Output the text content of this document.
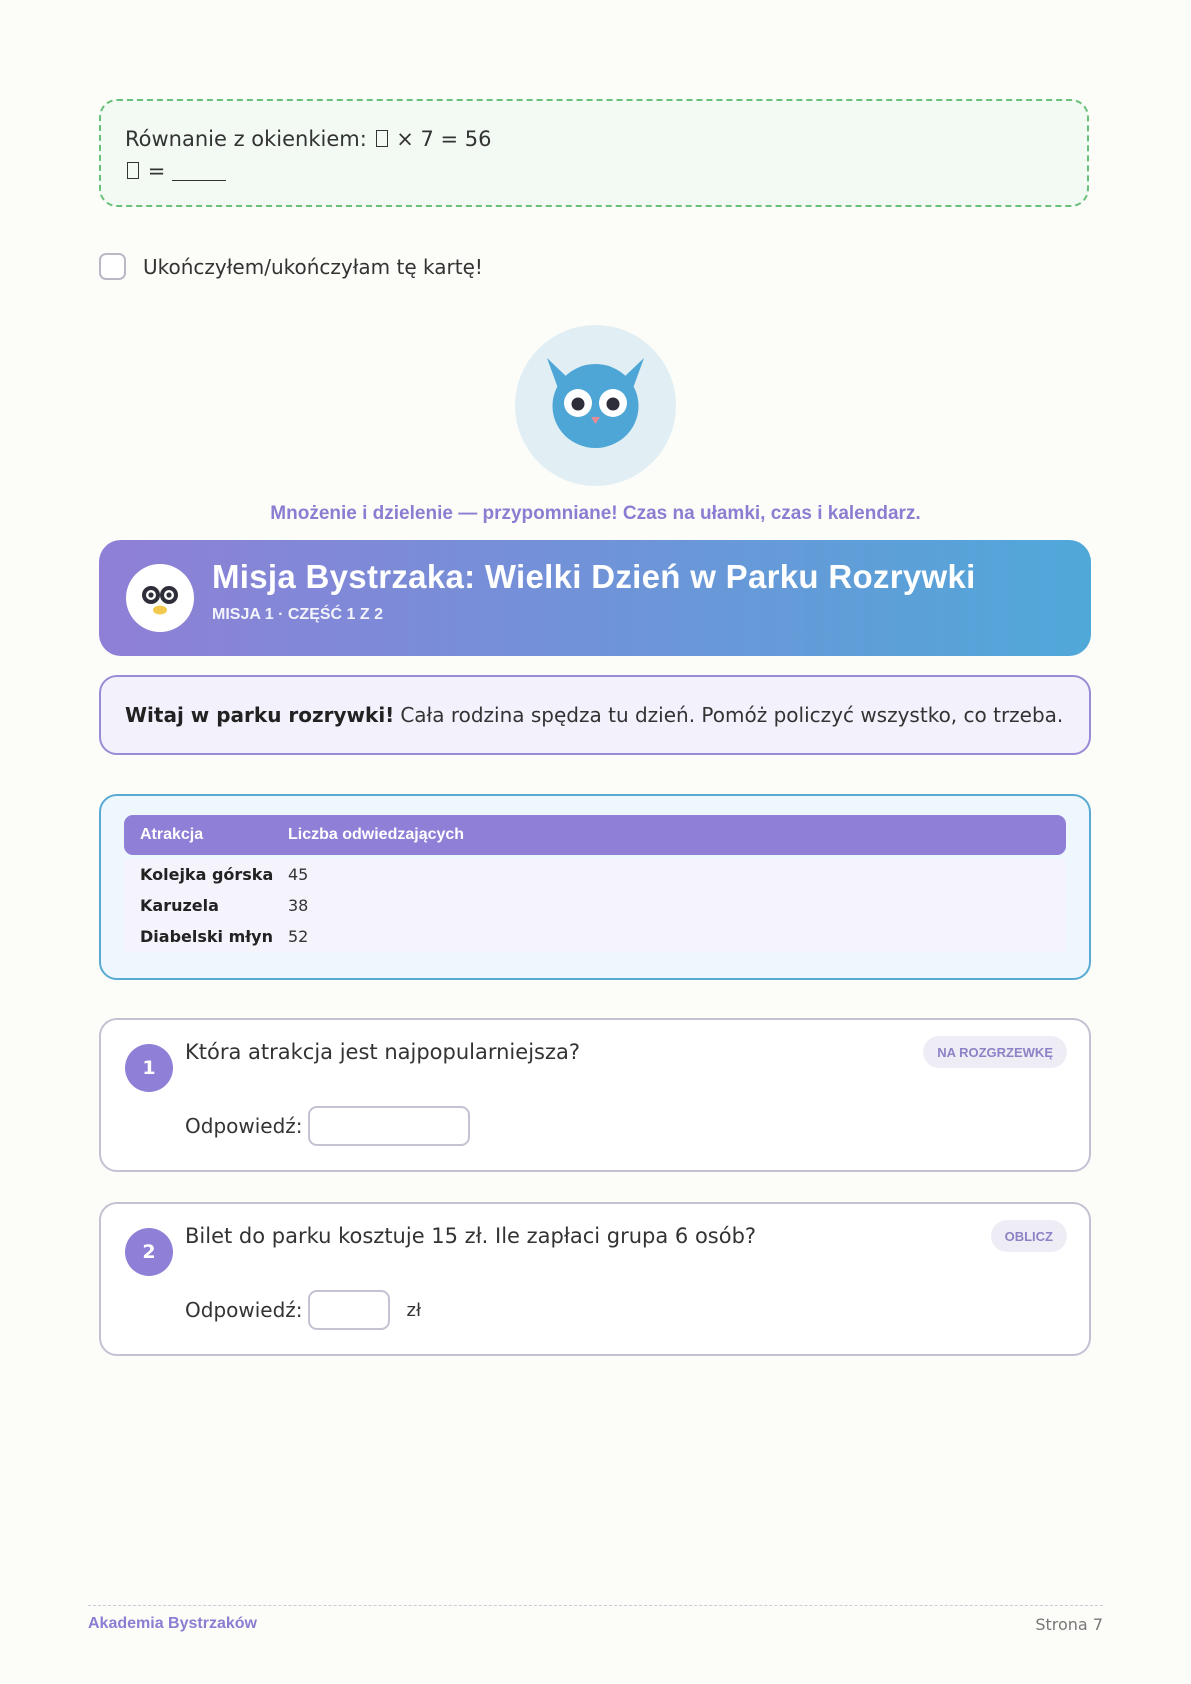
Równanie z okienkiem: × 7 = 56
=
Ukończyłem/ukończyłam tę kartę!
Mnożenie i dzielenie — przypomniane! Czas na ułamki, czas i kalendarz.
Misja Bystrzaka: Wielki Dzień w Parku Rozrywki
MISJA 1 · CZĘŚĆ 1 Z 2
Witaj w parku rozrywki! Cała rodzina spędza tu dzień. Pomóż policzyć wszystko, co trzeba.
Atrakcja	Liczba odwiedzających
Kolejka górska 45
Karuzela	38
Diabelski młyn 52
1
Która atrakcja jest najpopularniejsza?	NA ROZGRZEWKĘ
Odpowiedź:
2
Bilet do parku kosztuje 15 zł. Ile zapłaci grupa 6 osób?	OBLICZ
Odpowiedź:	zł
Akademia Bystrzaków	Strona 7
